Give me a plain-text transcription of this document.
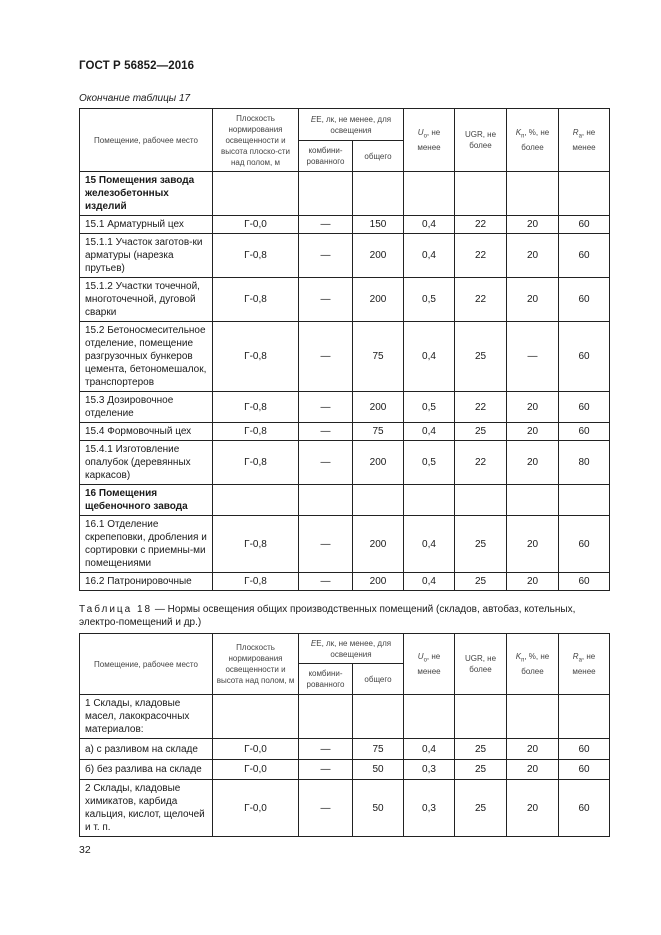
ГОСТ Р 56852—2016
Окончание таблицы 17
Помещение, рабочее место	Плоскость нормирования освещенности и высота плоско-сти над полом, м	EE, лк, не менее, для освещения		$U_о$, не менее	UGR, не более	$K_п$, %, не более	$R_a$, не менее
		комбини-рованного	общего				
15 Помещения завода железобетонных изделий							
15.1 Арматурный цех	Г-0,0	—	150	0,4	22	20	60
15.1.1 Участок заготов-ки арматуры (нарезка прутьев)	Г-0,8	—	200	0,4	22	20	60
15.1.2 Участки точечной, многоточечной, дуговой сварки	Г-0,8	—	200	0,5	22	20	60
15.2 Бетоносмесительное отделение, помещение разгрузочных бункеров цемента, бетономешалок, транспортеров	Г-0,8	—	75	0,4	25	—	60
15.3 Дозировочное отделение	Г-0,8	—	200	0,5	22	20	60
15.4 Формовочный цех	Г-0,8	—	75	0,4	25	20	60
15.4.1 Изготовление опалубок (деревянных каркасов)	Г-0,8	—	200	0,5	22	20	80
16 Помещения щебеночного завода							
16.1 Отделение скрепеповки, дробления и сортировки с приемны-ми помещениями	Г-0,8	—	200	0,4	25	20	60
16.2 Патронировочные	Г-0,8	—	200	0,4	25	20	60
Таблица 18 — Нормы освещения общих производственных помещений (складов, автобаз, котельных, электро-помещений и др.)
Помещение, рабочее место	Плоскость нормирования освещенности и высота над полом, м	EE, лк, не менее, для освещения		$U_о$, не менее	UGR, не более	$K_п$, %, не более	$R_a$, не менее
		комбини-рованного	общего				
1 Склады, кладовые масел, лакокрасочных материалов:							
а) с разливом на складе	Г-0,0	—	75	0,4	25	20	60
б) без разлива на складе	Г-0,0	—	50	0,3	25	20	60
2 Склады, кладовые химикатов, карбида кальция, кислот, щелочей и т. п.	Г-0,0	—	50	0,3	25	20	60
32
